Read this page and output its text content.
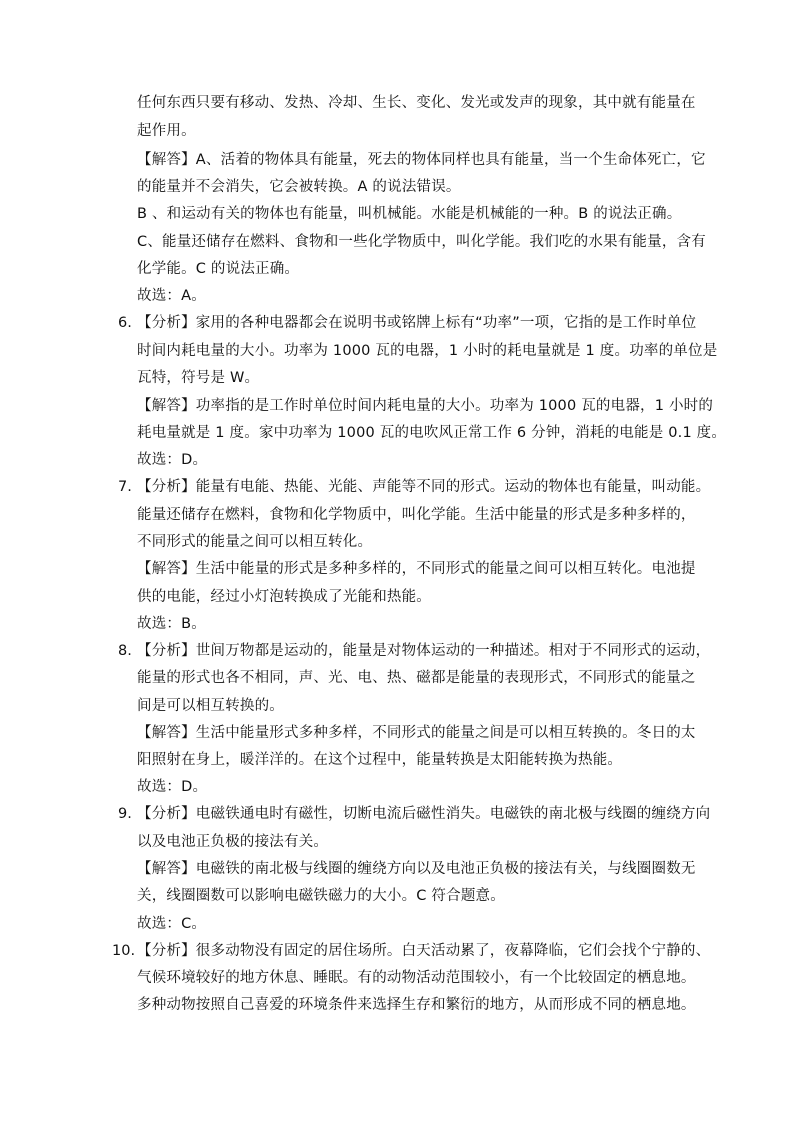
任何东西只要有移动、发热、冷却、生长、变化、发光或发声的现象，其中就有能量在
起作用。
【解答】A、活着的物体具有能量，死去的物体同样也具有能量，当一个生命体死亡，它
的能量并不会消失，它会被转换。A 的说法错误。
B 、和运动有关的物体也有能量，叫机械能。水能是机械能的一种。B 的说法正确。
C、能量还储存在燃料、食物和一些化学物质中，叫化学能。我们吃的水果有能量，含有
化学能。C 的说法正确。
故选：A。
6. 【分析】家用的各种电器都会在说明书或铭牌上标有“功率”一项，它指的是工作时单位
时间内耗电量的大小。功率为 1000 瓦的电器，1 小时的耗电量就是 1 度。功率的单位是
瓦特，符号是 W。
【解答】功率指的是工作时单位时间内耗电量的大小。功率为 1000 瓦的电器，1 小时的
耗电量就是 1 度。家中功率为 1000 瓦的电吹风正常工作 6 分钟，消耗的电能是 0.1 度。
故选：D。
7. 【分析】能量有电能、热能、光能、声能等不同的形式。运动的物体也有能量，叫动能。
能量还储存在燃料，食物和化学物质中，叫化学能。生活中能量的形式是多种多样的，
不同形式的能量之间可以相互转化。
【解答】生活中能量的形式是多种多样的，不同形式的能量之间可以相互转化。电池提
供的电能，经过小灯泡转换成了光能和热能。
故选：B。
8. 【分析】世间万物都是运动的，能量是对物体运动的一种描述。相对于不同形式的运动，
能量的形式也各不相同，声、光、电、热、磁都是能量的表现形式，不同形式的能量之
间是可以相互转换的。
【解答】生活中能量形式多种多样，不同形式的能量之间是可以相互转换的。冬日的太
阳照射在身上，暖洋洋的。在这个过程中，能量转换是太阳能转换为热能。
故选：D。
9. 【分析】电磁铁通电时有磁性，切断电流后磁性消失。电磁铁的南北极与线圈的缠绕方向
以及电池正负极的接法有关。
【解答】电磁铁的南北极与线圈的缠绕方向以及电池正负极的接法有关，与线圈圈数无
关，线圈圈数可以影响电磁铁磁力的大小。C 符合题意。
故选：C。
10. 【分析】很多动物没有固定的居住场所。白天活动累了，夜幕降临，它们会找个宁静的、
气候环境较好的地方休息、睡眠。有的动物活动范围较小，有一个比较固定的栖息地。
多种动物按照自己喜爱的环境条件来选择生存和繁衍的地方，从而形成不同的栖息地。
